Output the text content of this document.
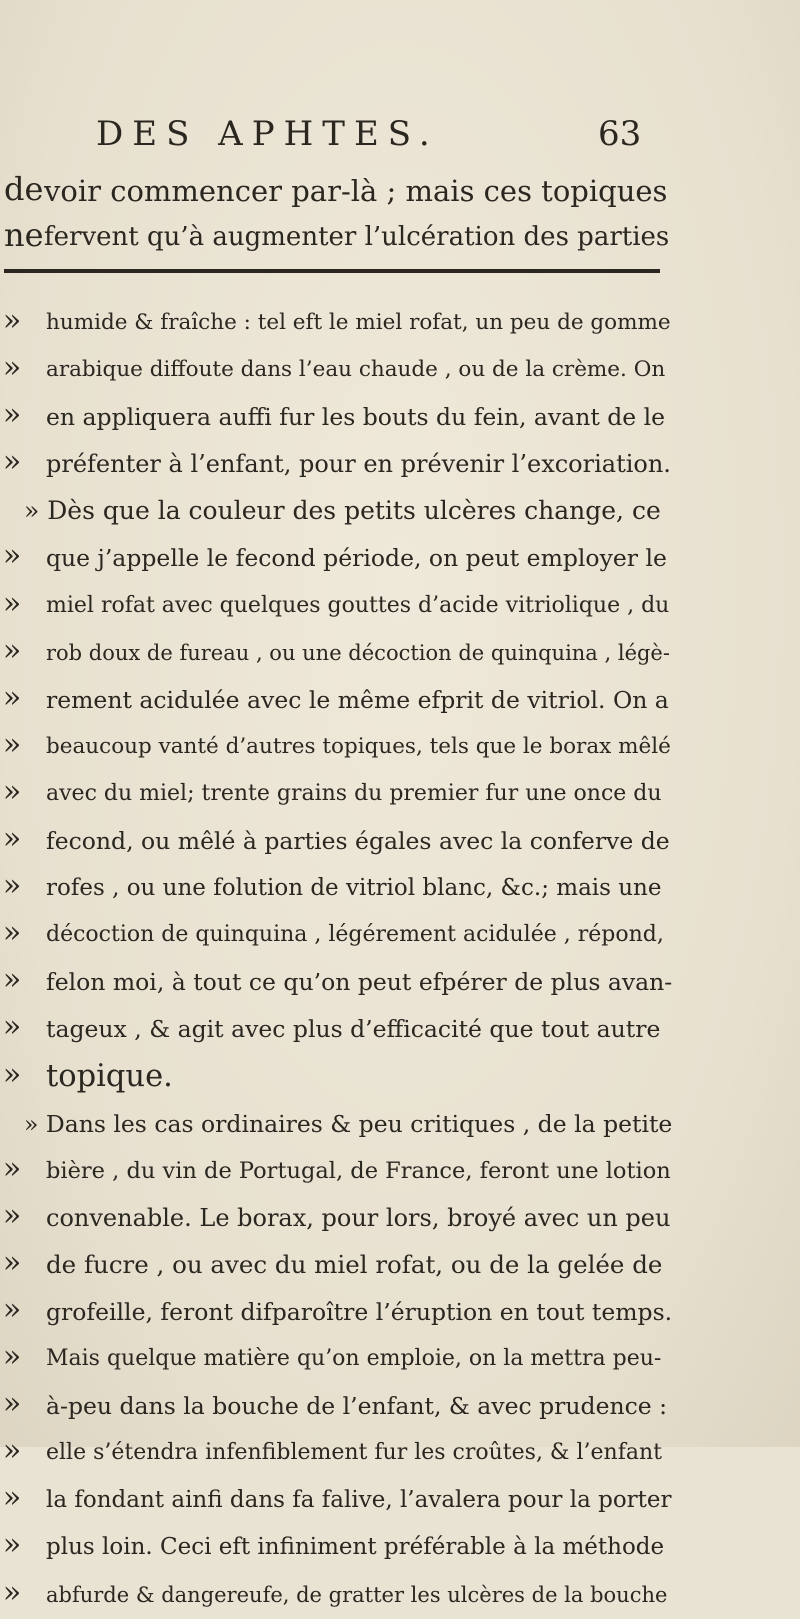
DES APHTES.	63
de voir commencer par-là ; mais ces topiques
ne fervent qu’à augmenter l’ulcération des parties
» humide & fraîche : tel eft le miel rofat, un peu de gomme
» arabique diffoute dans l’eau chaude , ou de la crème. On
» en appliquera auffi fur les bouts du fein, avant de le
» préfenter à l’enfant, pour en prévenir l’excoriation.
» Dès que la couleur des petits ulcères change, ce
» que j’appelle le fecond période, on peut employer le
» miel rofat avec quelques gouttes d’acide vitriolique , du
» rob doux de fureau , ou une décoction de quinquina , légè-
» rement acidulée avec le même efprit de vitriol. On a
» beaucoup vanté d’autres topiques, tels que le borax mêlé
» avec du miel; trente grains du premier fur une once du
» fecond, ou mêlé à parties égales avec la conferve de
» rofes , ou une folution de vitriol blanc, &c.; mais une
» décoction de quinquina , légérement acidulée , répond,
» felon moi, à tout ce qu’on peut efpérer de plus avan-
» tageux , & agit avec plus d’efficacité que tout autre
» topique.
» Dans les cas ordinaires & peu critiques , de la petite
» bière , du vin de Portugal, de France, feront une lotion
» convenable. Le borax, pour lors, broyé avec un peu
» de fucre , ou avec du miel rofat, ou de la gelée de
» grofeille, feront difparoître l’éruption en tout temps.
» Mais quelque matière qu’on emploie, on la mettra peu-
» à-peu dans la bouche de l’enfant, & avec prudence :
» elle s’étendra infenfiblement fur les croûtes, & l’enfant
» la fondant ainfi dans fa falive, l’avalera pour la porter
» plus loin. Ceci eft infiniment préférable à la méthode
» abfurde & dangereufe, de gratter les ulcères de la bouche
